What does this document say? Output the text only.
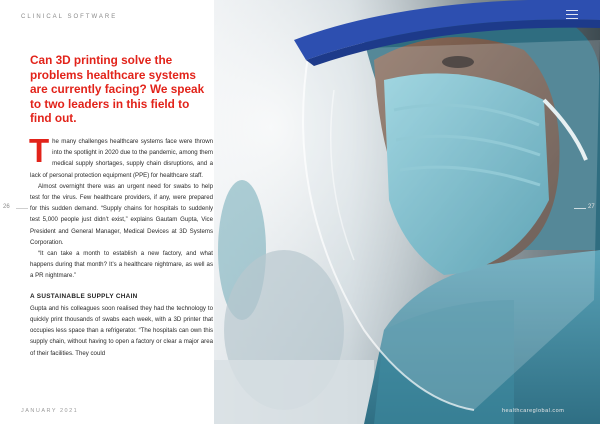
CLINICAL SOFTWARE
Can 3D printing solve the problems healthcare systems are currently facing? We speak to two leaders in this field to find out.

The many challenges healthcare systems face were thrown into the spotlight in 2020 due to the pandemic, among them medical supply shortages, supply chain disruptions, and a lack of personal protection equipment (PPE) for healthcare staff.

Almost overnight there was an urgent need for swabs to help test for the virus. Few healthcare providers, if any, were prepared for this sudden demand. “Supply chains for hospitals to suddenly test 5,000 people just didn’t exist,” explains Gautam Gupta, Vice President and General Manager, Medical Devices at 3D Systems Corporation.

“It can take a month to establish a new factory, and what happens during that month? It’s a healthcare nightmare, as well as a PR nightmare.”

A SUSTAINABLE SUPPLY CHAIN

Gupta and his colleagues soon realised they had the technology to quickly print thousands of swabs each week, with a 3D printer that occupies less space than a refrigerator. “The hospitals can own this supply chain, without having to open a factory or clear a major area of their facilities. They could

26
JANUARY 2021
27
healthcareglobal.com
